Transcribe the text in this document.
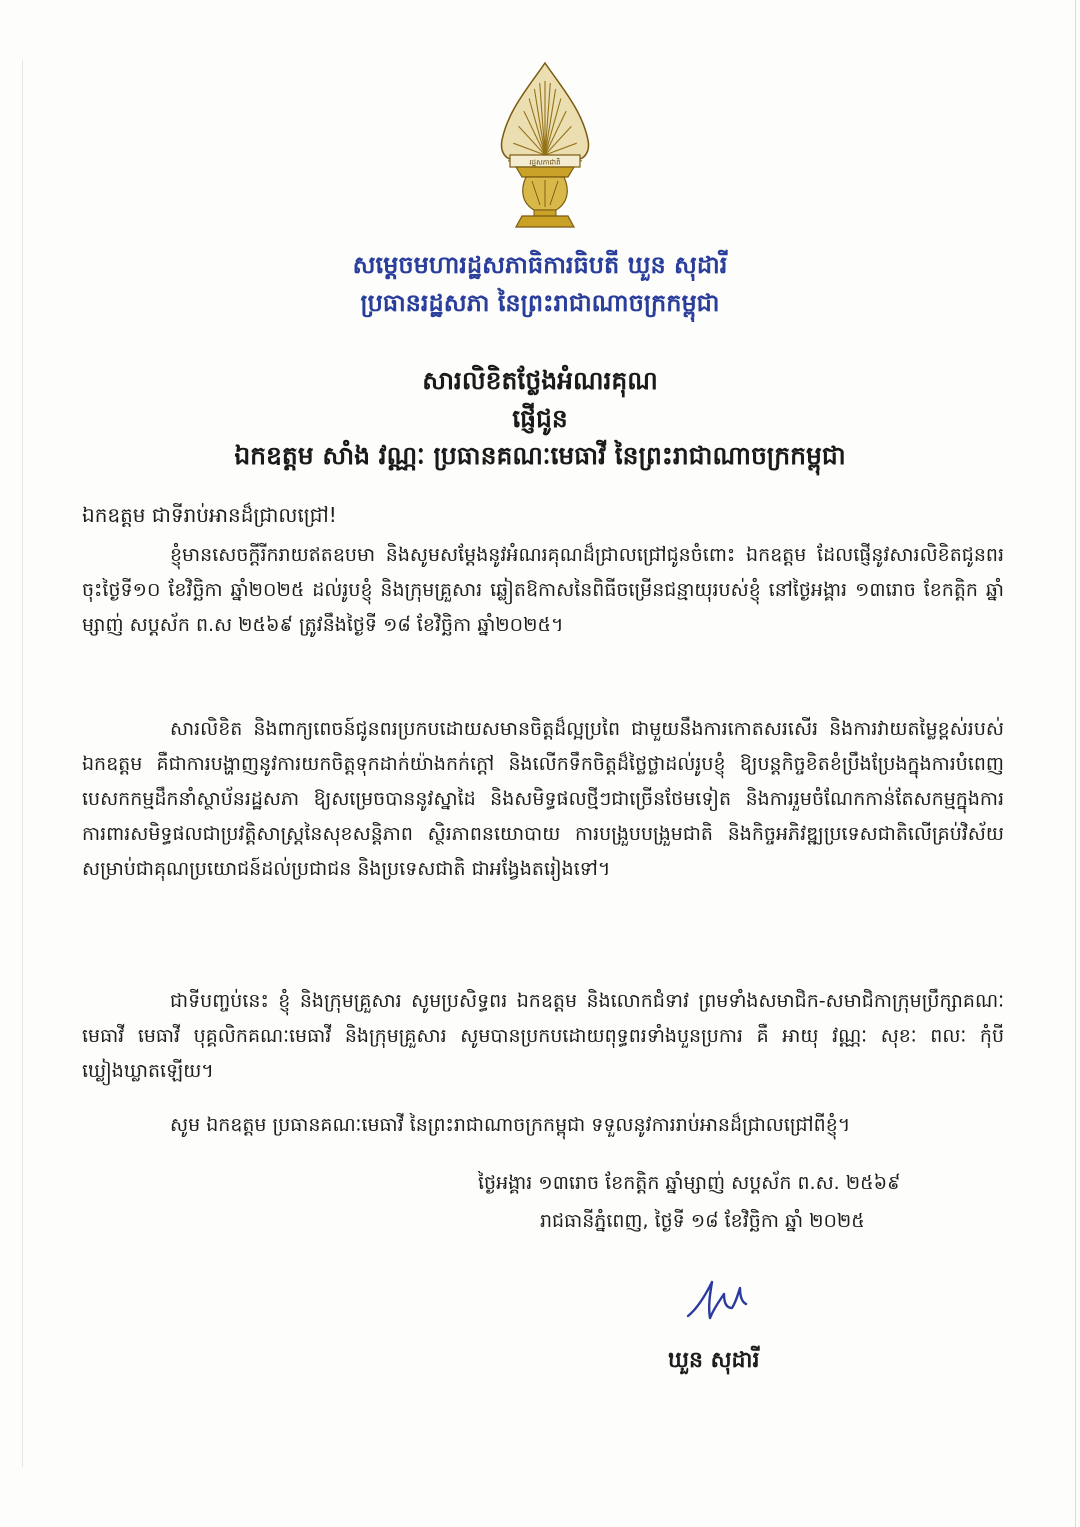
រដ្ឋសភាជាតិ
សម្តេចមហារដ្ឋសភាធិការធិបតី ឃួន សុដារី
ប្រធានរដ្ឋសភា នៃព្រះរាជាណាចក្រកម្ពុជា
សារលិខិតថ្លែងអំណរគុណ
ផ្ញើជូន
ឯកឧត្តម សាំង វណ្ណៈ ប្រធានគណៈមេធាវី នៃព្រះរាជាណាចក្រកម្ពុជា
ឯកឧត្តម ជាទីរាប់អានដ៏ជ្រាលជ្រៅ!
ខ្ញុំមានសេចក្តីរីករាយឥតឧបមា និងសូមសម្តែងនូវអំណរគុណដ៏ជ្រាលជ្រៅជូនចំពោះ ឯកឧត្តម ដែលផ្ញើនូវសារលិខិតជូនពរចុះថ្ងៃទី១០ ខែវិច្ឆិកា ឆ្នាំ២០២៥ ដល់រូបខ្ញុំ និងក្រុមគ្រួសារ ឆ្លៀតឱកាសនៃពិធីចម្រើនជន្មាយុរបស់ខ្ញុំ នៅថ្ងៃអង្គារ ១៣រោច ខែកត្តិក ឆ្នាំម្សាញ់ សប្តស័ក ព.ស ២៥៦៩ ត្រូវនឹងថ្ងៃទី ១៨ ខែវិច្ឆិកា ឆ្នាំ២០២៥។
សារលិខិត និងពាក្យពេចន៍ជូនពរប្រកបដោយសមានចិត្តដ៏ល្អប្រពៃ ជាមួយនឹងការកោតសរសើរ និងការវាយតម្លៃខ្ពស់របស់ ឯកឧត្តម គឺជាការបង្ហាញនូវការយកចិត្តទុកដាក់យ៉ាងកក់ក្តៅ និងលើកទឹកចិត្តដ៏ថ្លៃថ្លាដល់រូបខ្ញុំ ឱ្យបន្តកិច្ចខិតខំប្រឹងប្រែងក្នុងការបំពេញបេសកកម្មដឹកនាំស្ថាប័នរដ្ឋសភា ឱ្យសម្រេចបាននូវស្នាដៃ និងសមិទ្ធផលថ្មីៗជាច្រើនថែមទៀត និងការរួមចំណែកកាន់តែសកម្មក្នុងការការពារសមិទ្ធផលជាប្រវត្តិសាស្ត្រនៃសុខសន្តិភាព ស្ថិរភាពនយោបាយ ការបង្រួបបង្រួមជាតិ និងកិច្ចអភិវឌ្ឍប្រទេសជាតិលើគ្រប់វិស័យ សម្រាប់ជាគុណប្រយោជន៍ដល់ប្រជាជន និងប្រទេសជាតិ ជាអង្វែងតរៀងទៅ។
ជាទីបញ្ចប់នេះ ខ្ញុំ និងក្រុមគ្រួសារ សូមប្រសិទ្ធពរ ឯកឧត្តម និងលោកជំទាវ ព្រមទាំងសមាជិក-សមាជិកាក្រុមប្រឹក្សាគណៈមេធាវី មេធាវី បុគ្គលិកគណៈមេធាវី និងក្រុមគ្រួសារ សូមបានប្រកបដោយពុទ្ធពរទាំងបួនប្រការ គឺ អាយុ វណ្ណៈ សុខៈ ពលៈ កុំបីឃ្លៀងឃ្លាតឡើយ។
សូម ឯកឧត្តម ប្រធានគណៈមេធាវី នៃព្រះរាជាណាចក្រកម្ពុជា ទទួលនូវការរាប់អានដ៏ជ្រាលជ្រៅពីខ្ញុំ។
ថ្ងៃអង្គារ ១៣រោច ខែកត្តិក ឆ្នាំម្សាញ់ សប្តស័ក ព.ស. ២៥៦៩
រាជធានីភ្នំពេញ, ថ្ងៃទី ១៨ ខែវិច្ឆិកា ឆ្នាំ ២០២៥
ឃួន សុដារី
